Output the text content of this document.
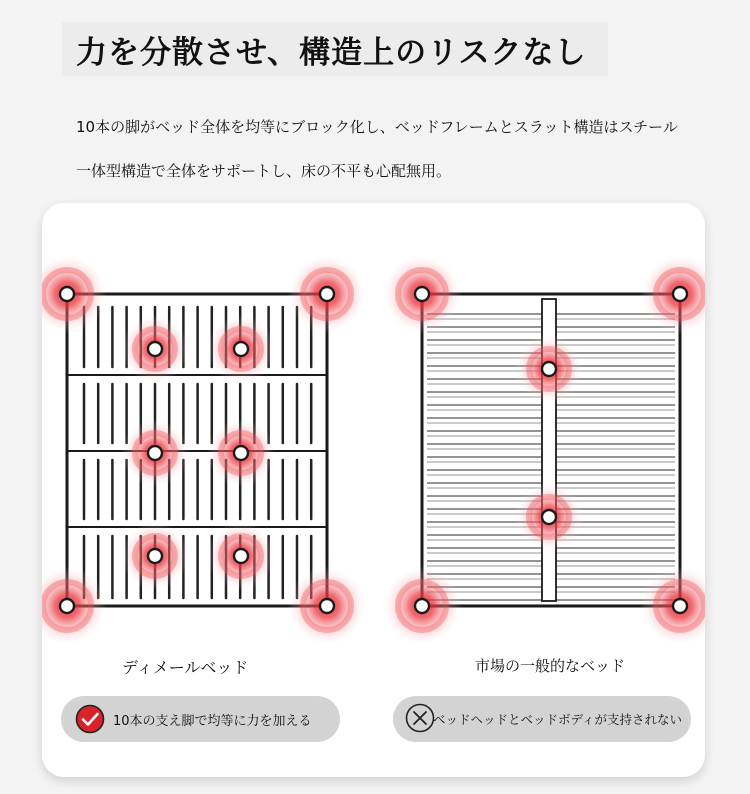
力を分散させ、構造上のリスクなし
10本の脚がベッド全体を均等にブロック化し、ベッドフレームとスラット構造はスチール
一体型構造で全体をサポートし、床の不平も心配無用。
ディメールベッド	市場の一般的なベッド
10本の支え脚で均等に力を加える	ベッドヘッドとベッドボディが支持されない
